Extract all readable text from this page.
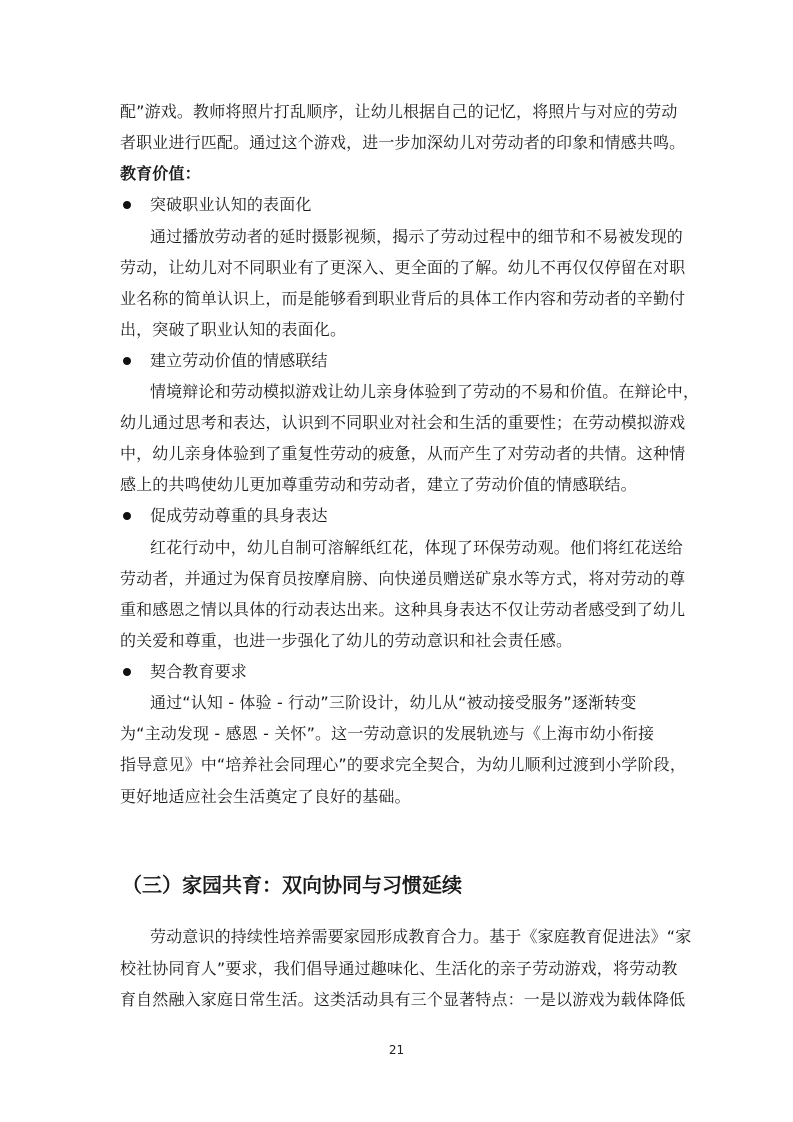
配”游戏。教师将照片打乱顺序，让幼儿根据自己的记忆，将照片与对应的劳动
者职业进行匹配。通过这个游戏，进一步加深幼儿对劳动者的印象和情感共鸣。
教育价值：
突破职业认知的表面化
通过播放劳动者的延时摄影视频，揭示了劳动过程中的细节和不易被发现的
劳动，让幼儿对不同职业有了更深入、更全面的了解。幼儿不再仅仅停留在对职
业名称的简单认识上，而是能够看到职业背后的具体工作内容和劳动者的辛勤付
出，突破了职业认知的表面化。
建立劳动价值的情感联结
情境辩论和劳动模拟游戏让幼儿亲身体验到了劳动的不易和价值。在辩论中，
幼儿通过思考和表达，认识到不同职业对社会和生活的重要性；在劳动模拟游戏
中，幼儿亲身体验到了重复性劳动的疲惫，从而产生了对劳动者的共情。这种情
感上的共鸣使幼儿更加尊重劳动和劳动者，建立了劳动价值的情感联结。
促成劳动尊重的具身表达
红花行动中，幼儿自制可溶解纸红花，体现了环保劳动观。他们将红花送给
劳动者，并通过为保育员按摩肩膀、向快递员赠送矿泉水等方式，将对劳动的尊
重和感恩之情以具体的行动表达出来。这种具身表达不仅让劳动者感受到了幼儿
的关爱和尊重，也进一步强化了幼儿的劳动意识和社会责任感。
契合教育要求
通过“认知 - 体验 - 行动”三阶设计，幼儿从“被动接受服务”逐渐转变
为“主动发现 - 感恩 - 关怀”。这一劳动意识的发展轨迹与《上海市幼小衔接
指导意见》中“培养社会同理心”的要求完全契合，为幼儿顺利过渡到小学阶段，
更好地适应社会生活奠定了良好的基础。
（三）家园共育：双向协同与习惯延续
劳动意识的持续性培养需要家园形成教育合力。基于《家庭教育促进法》“家
校社协同育人”要求，我们倡导通过趣味化、生活化的亲子劳动游戏，将劳动教
育自然融入家庭日常生活。这类活动具有三个显著特点：一是以游戏为载体降低
21
